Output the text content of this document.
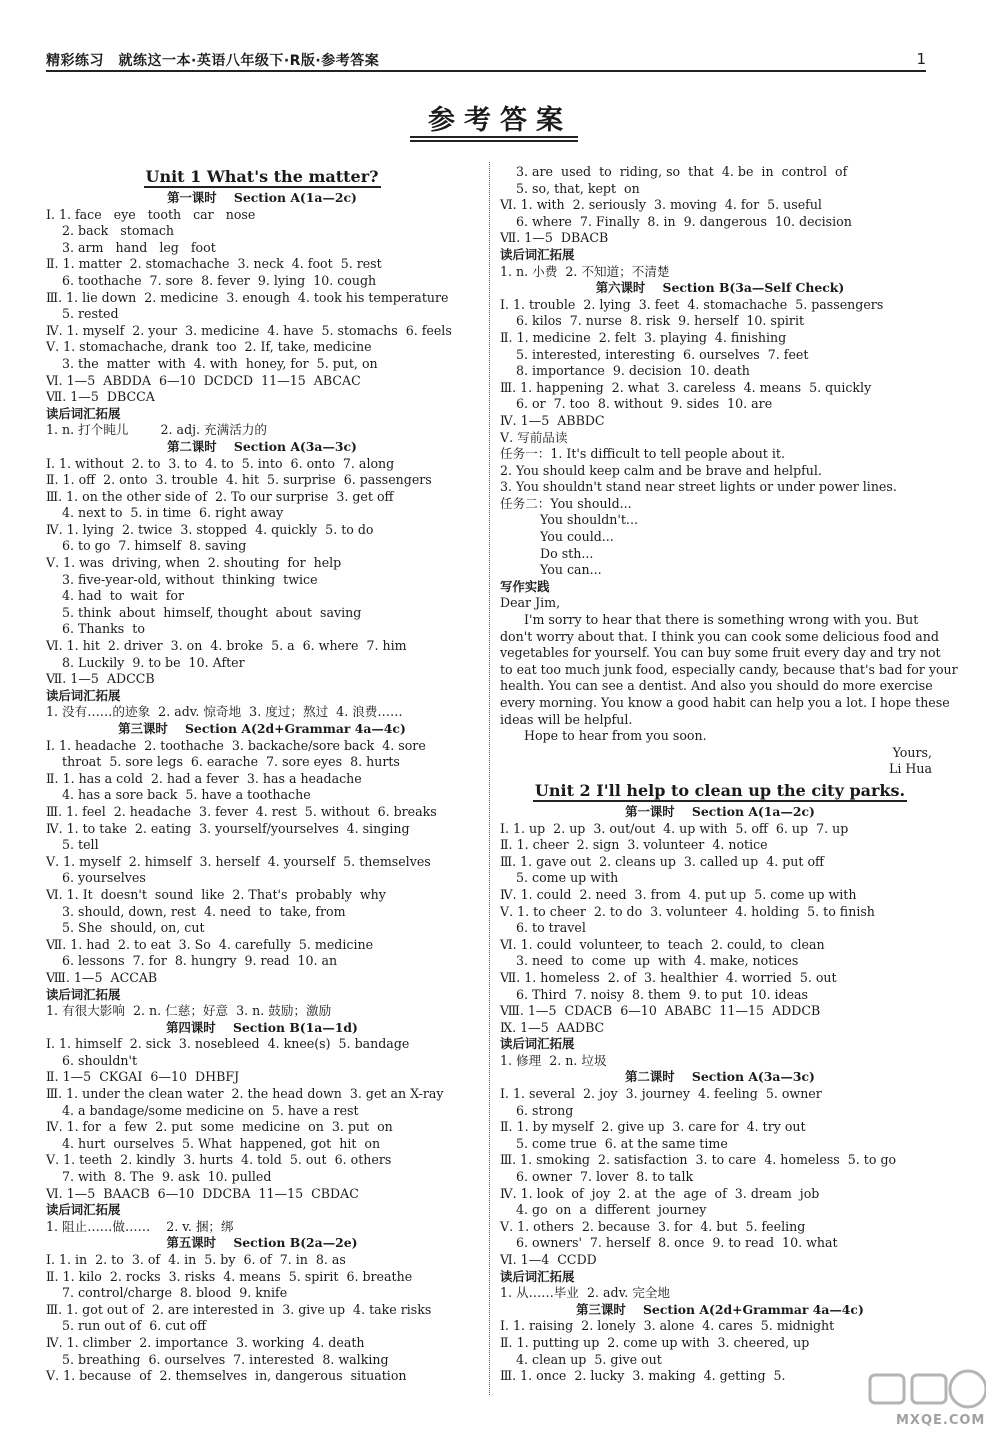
精彩练习　就练这一本·英语八年级下·R版·参考答案	1
参考答案
Unit 1 What's the matter?
第一课时    Section A(1a—2c)
Ⅰ. 1. face   eye   tooth   car   nose
2. back   stomach
3. arm   hand   leg   foot
Ⅱ. 1. matter  2. stomachache  3. neck  4. foot  5. rest
6. toothache  7. sore  8. fever  9. lying  10. cough
Ⅲ. 1. lie down  2. medicine  3. enough  4. took his temperature
5. rested
Ⅳ. 1. myself  2. your  3. medicine  4. have  5. stomachs  6. feels
Ⅴ. 1. stomachache, drank  too  2. If, take, medicine
3. the  matter  with  4. with  honey, for  5. put, on
Ⅵ. 1—5  ABDDA  6—10  DCDCD  11—15  ABCAC
Ⅶ. 1—5  DBCCA
读后词汇拓展
1. n. 打个盹儿        2. adj. 充满活力的
第二课时    Section A(3a—3c)
Ⅰ. 1. without  2. to  3. to  4. to  5. into  6. onto  7. along
Ⅱ. 1. off  2. onto  3. trouble  4. hit  5. surprise  6. passengers
Ⅲ. 1. on the other side of  2. To our surprise  3. get off
4. next to  5. in time  6. right away
Ⅳ. 1. lying  2. twice  3. stopped  4. quickly  5. to do
6. to go  7. himself  8. saving
Ⅴ. 1. was  driving, when  2. shouting  for  help
3. five-year-old, without  thinking  twice
4. had  to  wait  for
5. think  about  himself, thought  about  saving
6. Thanks  to
Ⅵ. 1. hit  2. driver  3. on  4. broke  5. a  6. where  7. him
8. Luckily  9. to be  10. After
Ⅶ. 1—5  ADCCB
读后词汇拓展
1. 没有……的迹象  2. adv. 惊奇地  3. 度过；熬过  4. 浪费……
第三课时    Section A(2d+Grammar 4a—4c)
Ⅰ. 1. headache  2. toothache  3. backache/sore back  4. sore
throat  5. sore legs  6. earache  7. sore eyes  8. hurts
Ⅱ. 1. has a cold  2. had a fever  3. has a headache
4. has a sore back  5. have a toothache
Ⅲ. 1. feel  2. headache  3. fever  4. rest  5. without  6. breaks
Ⅳ. 1. to take  2. eating  3. yourself/yourselves  4. singing
5. tell
Ⅴ. 1. myself  2. himself  3. herself  4. yourself  5. themselves
6. yourselves
Ⅵ. 1. It  doesn't  sound  like  2. That's  probably  why
3. should, down, rest  4. need  to  take, from
5. She  should, on, cut
Ⅶ. 1. had  2. to eat  3. So  4. carefully  5. medicine
6. lessons  7. for  8. hungry  9. read  10. an
Ⅷ. 1—5  ACCAB
读后词汇拓展
1. 有很大影响  2. n. 仁慈；好意  3. n. 鼓励；激励
第四课时    Section B(1a—1d)
Ⅰ. 1. himself  2. sick  3. nosebleed  4. knee(s)  5. bandage
6. shouldn't
Ⅱ. 1—5  CKGAI  6—10  DHBFJ
Ⅲ. 1. under the clean water  2. the head down  3. get an X-ray
4. a bandage/some medicine on  5. have a rest
Ⅳ. 1. for  a  few  2. put  some  medicine  on  3. put  on
4. hurt  ourselves  5. What  happened, got  hit  on
Ⅴ. 1. teeth  2. kindly  3. hurts  4. told  5. out  6. others
7. with  8. The  9. ask  10. pulled
Ⅵ. 1—5  BAACB  6—10  DDCBA  11—15  CBDAC
读后词汇拓展
1. 阻止……做……    2. v. 捆；绑
第五课时    Section B(2a—2e)
Ⅰ. 1. in  2. to  3. of  4. in  5. by  6. of  7. in  8. as
Ⅱ. 1. kilo  2. rocks  3. risks  4. means  5. spirit  6. breathe
7. control/charge  8. blood  9. knife
Ⅲ. 1. got out of  2. are interested in  3. give up  4. take risks
5. run out of  6. cut off
Ⅳ. 1. climber  2. importance  3. working  4. death
5. breathing  6. ourselves  7. interested  8. walking
Ⅴ. 1. because  of  2. themselves  in, dangerous  situation
3. are  used  to  riding, so  that  4. be  in  control  of
5. so, that, kept  on
Ⅵ. 1. with  2. seriously  3. moving  4. for  5. useful
6. where  7. Finally  8. in  9. dangerous  10. decision
Ⅶ. 1—5  DBACB
读后词汇拓展
1. n. 小费  2. 不知道；不清楚
第六课时    Section B(3a—Self Check)
Ⅰ. 1. trouble  2. lying  3. feet  4. stomachache  5. passengers
6. kilos  7. nurse  8. risk  9. herself  10. spirit
Ⅱ. 1. medicine  2. felt  3. playing  4. finishing
5. interested, interesting  6. ourselves  7. feet
8. importance  9. decision  10. death
Ⅲ. 1. happening  2. what  3. careless  4. means  5. quickly
6. or  7. too  8. without  9. sides  10. are
Ⅳ. 1—5  ABBDC
Ⅴ. 写前品读
任务一：1. It's difficult to tell people about it.
2. You should keep calm and be brave and helpful.
3. You shouldn't stand near street lights or under power lines.
任务二：You should...
You shouldn't...
You could...
Do sth...
You can...
写作实践
Dear Jim,
I'm sorry to hear that there is something wrong with you. But
don't worry about that. I think you can cook some delicious food and
vegetables for yourself. You can buy some fruit every day and try not
to eat too much junk food, especially candy, because that's bad for your
health. You can see a dentist. And also you should do more exercise
every morning. You know a good habit can help you a lot. I hope these
ideas will be helpful.
Hope to hear from you soon.
Yours,
Li Hua
Unit 2 I'll help to clean up the city parks.
第一课时    Section A(1a—2c)
Ⅰ. 1. up  2. up  3. out/out  4. up with  5. off  6. up  7. up
Ⅱ. 1. cheer  2. sign  3. volunteer  4. notice
Ⅲ. 1. gave out  2. cleans up  3. called up  4. put off
5. come up with
Ⅳ. 1. could  2. need  3. from  4. put up  5. come up with
Ⅴ. 1. to cheer  2. to do  3. volunteer  4. holding  5. to finish
6. to travel
Ⅵ. 1. could  volunteer, to  teach  2. could, to  clean
3. need  to  come  up  with  4. make, notices
Ⅶ. 1. homeless  2. of  3. healthier  4. worried  5. out
6. Third  7. noisy  8. them  9. to put  10. ideas
Ⅷ. 1—5  CDACB  6—10  ABABC  11—15  ADDCB
Ⅸ. 1—5  AADBC
读后词汇拓展
1. 修理  2. n. 垃圾
第二课时    Section A(3a—3c)
Ⅰ. 1. several  2. joy  3. journey  4. feeling  5. owner
6. strong
Ⅱ. 1. by myself  2. give up  3. care for  4. try out
5. come true  6. at the same time
Ⅲ. 1. smoking  2. satisfaction  3. to care  4. homeless  5. to go
6. owner  7. lover  8. to talk
Ⅳ. 1. look  of  joy  2. at  the  age  of  3. dream  job
4. go  on  a  different  journey
Ⅴ. 1. others  2. because  3. for  4. but  5. feeling
6. owners'  7. herself  8. once  9. to read  10. what
Ⅵ. 1—4  CCDD
读后词汇拓展
1. 从……毕业  2. adv. 完全地
第三课时    Section A(2d+Grammar 4a—4c)
Ⅰ. 1. raising  2. lonely  3. alone  4. cares  5. midnight
Ⅱ. 1. putting up  2. come up with  3. cheered, up
4. clean up  5. give out
Ⅲ. 1. once  2. lucky  3. making  4. getting  5.
MXQE.COM
